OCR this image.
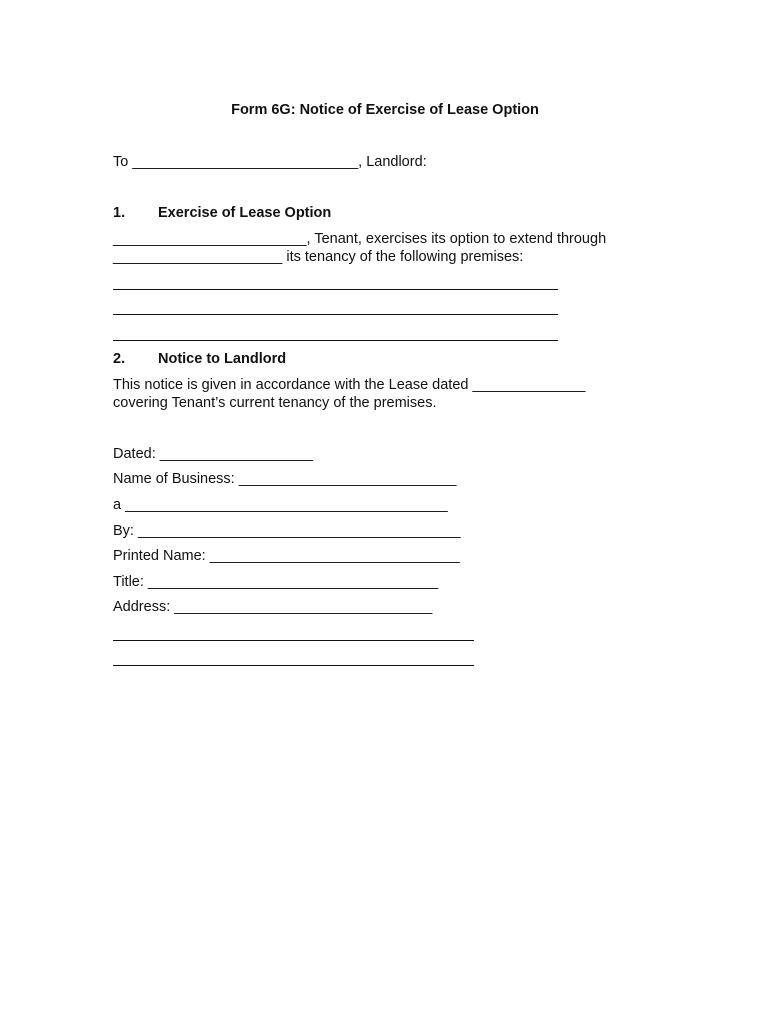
Form 6G: Notice of Exercise of Lease Option
To ____________________________, Landlord:
1. Exercise of Lease Option
________________________, Tenant, exercises its option to extend through
_____________________ its tenancy of the following premises:
2. Notice to Landlord
This notice is given in accordance with the Lease dated ______________
covering Tenant’s current tenancy of the premises.
Dated: ___________________
Name of Business: ___________________________
a ________________________________________
By: ________________________________________
Printed Name: _______________________________
Title: ____________________________________
Address: ________________________________
